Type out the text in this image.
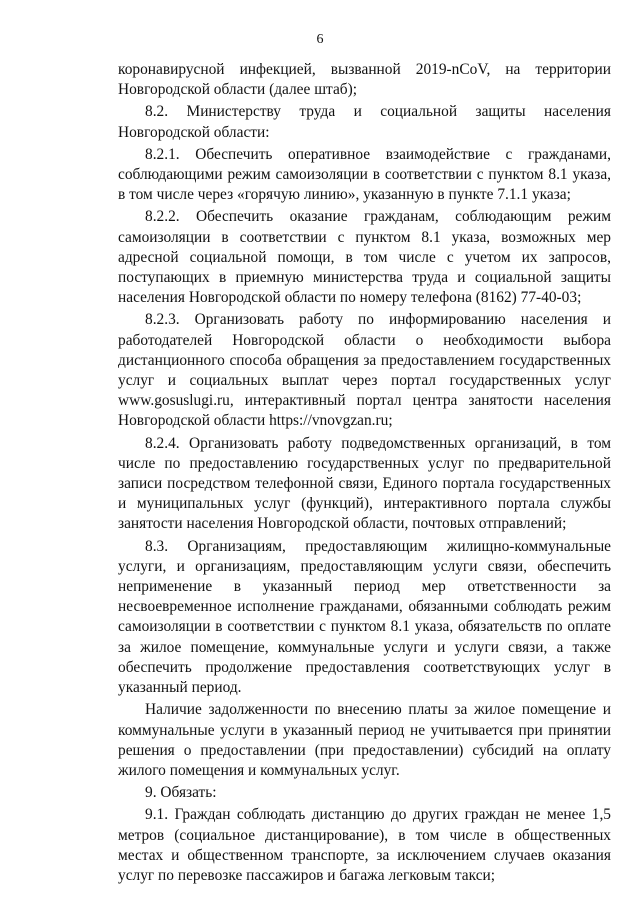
6

коронавирусной инфекцией, вызванной 2019-nCoV, на территории Новгородской области (далее штаб);

8.2. Министерству труда и социальной защиты населения Новгородской области:

8.2.1. Обеспечить оперативное взаимодействие с гражданами, соблюдающими режим самоизоляции в соответствии с пунктом 8.1 указа, в том числе через «горячую линию», указанную в пункте 7.1.1 указа;

8.2.2. Обеспечить оказание гражданам, соблюдающим режим самоизоляции в соответствии с пунктом 8.1 указа, возможных мер адресной социальной помощи, в том числе с учетом их запросов, поступающих в приемную министерства труда и социальной защиты населения Новгородской области по номеру телефона (8162) 77-40-03;

8.2.3. Организовать работу по информированию населения и работодателей Новгородской области о необходимости выбора дистанционного способа обращения за предоставлением государственных услуг и социальных выплат через портал государственных услуг www.gosuslugi.ru, интерактивный портал центра занятости населения Новгородской области https://vnovgzan.ru;

8.2.4. Организовать работу подведомственных организаций, в том числе по предоставлению государственных услуг по предварительной записи посредством телефонной связи, Единого портала государственных и муниципальных услуг (функций), интерактивного портала службы занятости населения Новгородской области, почтовых отправлений;

8.3. Организациям, предоставляющим жилищно-коммунальные услуги, и организациям, предоставляющим услуги связи, обеспечить неприменение в указанный период мер ответственности за несвоевременное исполнение гражданами, обязанными соблюдать режим самоизоляции в соответствии с пунктом 8.1 указа, обязательств по оплате за жилое помещение, коммунальные услуги и услуги связи, а также обеспечить продолжение предоставления соответствующих услуг в указанный период.

Наличие задолженности по внесению платы за жилое помещение и коммунальные услуги в указанный период не учитывается при принятии решения о предоставлении (при предоставлении) субсидий на оплату жилого помещения и коммунальных услуг.

9. Обязать:

9.1. Граждан соблюдать дистанцию до других граждан не менее 1,5 метров (социальное дистанцирование), в том числе в общественных местах и общественном транспорте, за исключением случаев оказания услуг по перевозке пассажиров и багажа легковым такси;
